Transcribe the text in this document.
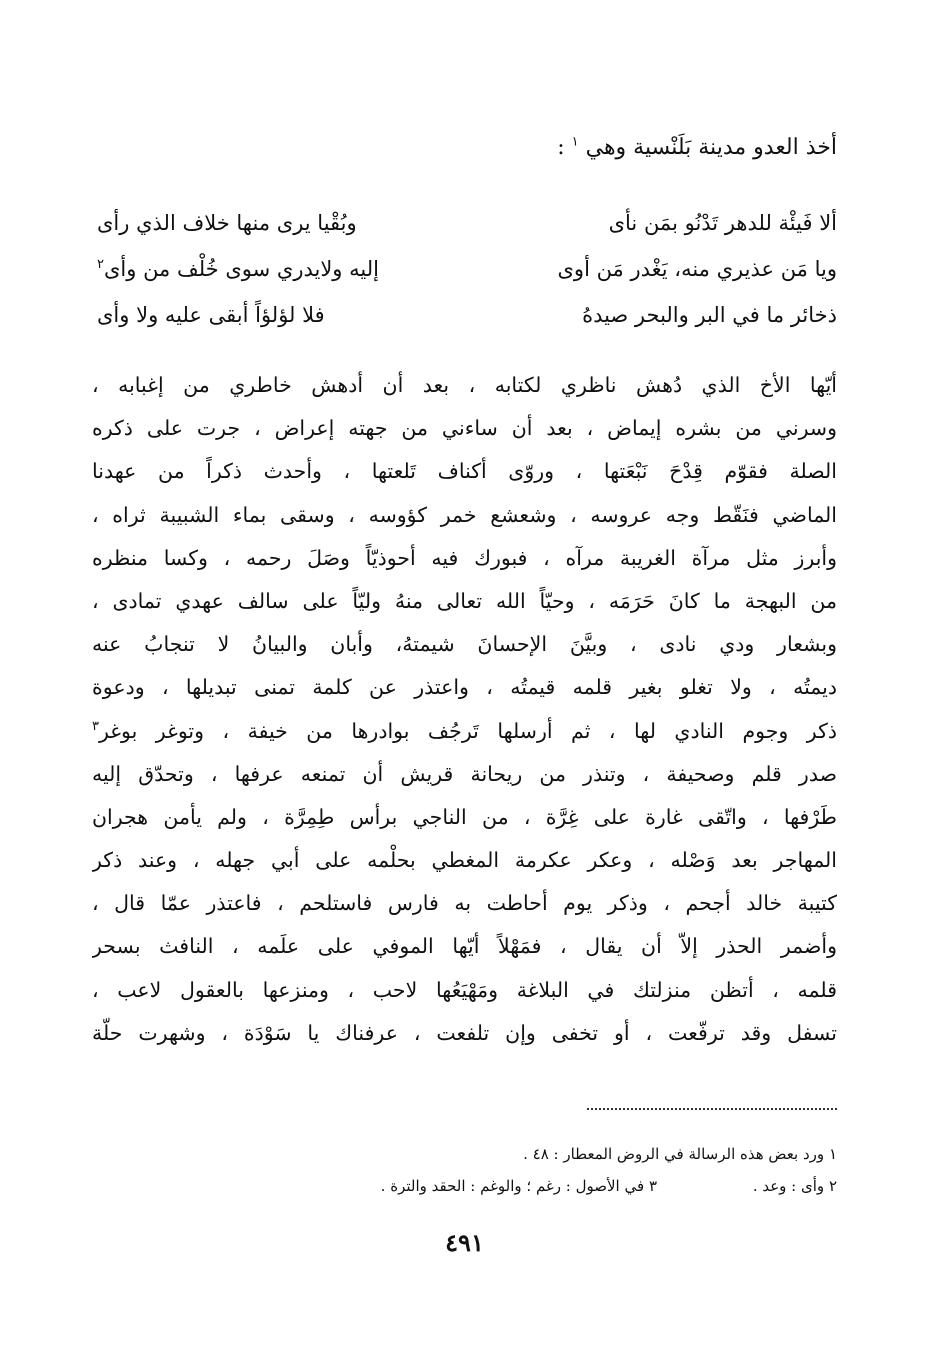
أخذ العدو مدينة بَلَنْسية وهي $^١$ :
ألا فَيئْة للدهر تَدْنُو بمَن نأى
وبُقْيا يرى منها خلاف الذي رأى
ويا مَن عذيري منه، يَغْدر مَن أوى
إليه ولايدري سوى خُلْف من وأى$^٢$
ذخائر ما في البر والبحر صيدهُ
فلا لؤلؤاً أبقى عليه ولا وأى
أيّها الأخ الذي دُهش ناظري لكتابه ، بعد أن أدهش خاطري من إغبابه ،
وسرني من بشره إيماض ، بعد أن ساءني من جهته إعراض ، جرت على ذكره
الصلة فقوّم قِدْحَ نَبْعَتها ، وروّى أكناف تَلعتها ، وأحدث ذكراً من عهدنا
الماضي فنَقّط وجه عروسه ، وشعشع خمر كؤوسه ، وسقى بماء الشبيبة ثراه ،
وأبرز مثل مرآة الغريبة مرآه ، فبورك فيه أحوذيّاً وصَلَ رحمه ، وكسا منظره
من البهجة ما كانَ حَرَمَه ، وحيّاً الله تعالى منهُ وليّاً على سالف عهدي تمادى ،
وبشعار ودي نادى ، وبيَّنَ الإحسانَ شيمتهُ، وأبان والبيانُ لا تنجابُ عنه
ديمتُه ، ولا تغلو بغير قلمه قيمتُه ، واعتذر عن كلمة تمنى تبديلها ، ودعوة
ذكر وجوم النادي لها ، ثم أرسلها تَرجُف بوادرها من خيفة ، وتوغر بوغر$^٣$
صدر قلم وصحيفة ، وتنذر من ريحانة قريش أن تمنعه عرفها ، وتحدّق إليه
طَرْفها ، واتّقى غارة على غِرَّة ، من الناجي برأس طِمِرَّة ، ولم يأمن هجران
المهاجر بعد وَصْله ، وعكر عكرمة المغطي بحلْمه على أبي جهله ، وعند ذكر
كتيبة خالد أجحم ، وذكر يوم أحاطت به فارس فاستلحم ، فاعتذر عمّا قال ،
وأضمر الحذر إلاّ أن يقال ، فمَهْلاً أيّها الموفي على علَمه ، النافث بسحر
قلمه ، أتظن منزلتك في البلاغة ومَهْيَعُها لاحب ، ومنزعها بالعقول لاعب ،
تسفل وقد ترفّعت ، أو تخفى وإن تلفعت ، عرفناك يا سَوْدَة ، وشهرت حلّة
١ ورد بعض هذه الرسالة في الروض المعطار : ٤٨ .
٢ وأى : وعد .
٣ في الأصول : رغم ؛ والوغم : الحقد والترة .
٤٩١
